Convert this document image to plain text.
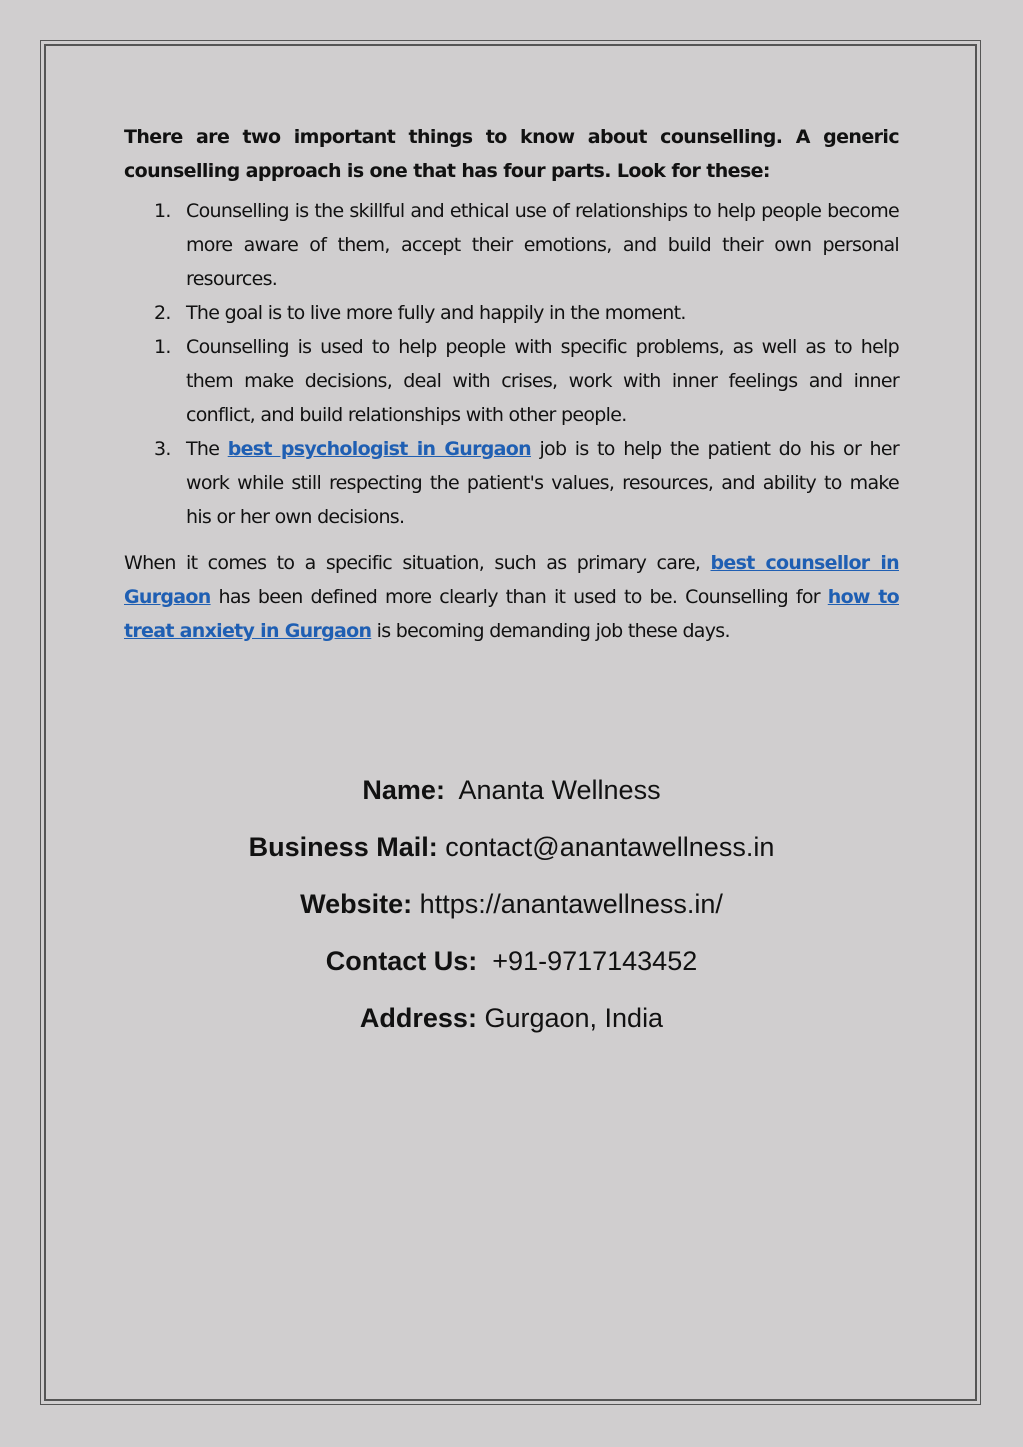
There are two important things to know about counselling. A generic counselling approach is one that has four parts. Look for these:

1. Counselling is the skillful and ethical use of relationships to help people become more aware of them, accept their emotions, and build their own personal resources.
2. The goal is to live more fully and happily in the moment.
1. Counselling is used to help people with specific problems, as well as to help them make decisions, deal with crises, work with inner feelings and inner conflict, and build relationships with other people.
3. The best psychologist in Gurgaon job is to help the patient do his or her work while still respecting the patient's values, resources, and ability to make his or her own decisions.

When it comes to a specific situation, such as primary care, best counsellor in Gurgaon has been defined more clearly than it used to be. Counselling for how to treat anxiety in Gurgaon is becoming demanding job these days.

Name: Ananta Wellness
Business Mail: contact@anantawellness.in
Website: https://anantawellness.in/
Contact Us: +91-9717143452
Address: Gurgaon, India
